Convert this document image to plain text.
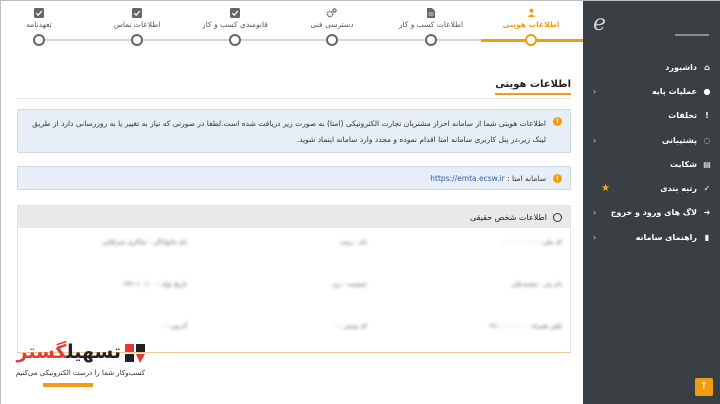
اطلاعات هویتی
اطلاعات کسب و کار
دسترسی فنی
قانومندی کسب و کار
اطلاعات تماس
تعهدنامه
اطلاعات هویتی
!
اطلاعات هویتی شما از سامانه احراز مشتریان تجارت الکترونیکی (امتا) به صورت زیر دریافت شده است.لطفا در صورتی که نیاز به تغییر یا به روزرسانی دارد از طریق لینک زیر،در پنل کاربری سامانه امتا اقدام نموده و مجدد وارد سامانه اینماد شوید.
!
سامانه امتا : https://emta.ecsw.ir
اطلاعات شخص حقیقی
کد ملی : ۰۰۰۰۰۰۰۰۰۰
نام : زینب
نام خانوادگی : شاکری شرکتانی
نام پدر : محمدعلی
جنسیت : زن
تاریخ تولد : ۱۳۶۰/۰۰/۰۰
تلفن همراه : ۰۹۱۰۰۰۰۰۰۰۰
کد پستی : -
آدرس : -
تسهیلگستر
کسب‌وکار شما را درست الکترونیکی می‌کنیم
e
⌂
داشبورد
●
عملیات پایه
‹
!
تخلفات
◌
پشتیبانی
‹
▤
شکایت
✓
رتبه بندی
★
➜
لاگ های ورود و خروج
‹
▮
راهنمای سامانه
‹
↑
